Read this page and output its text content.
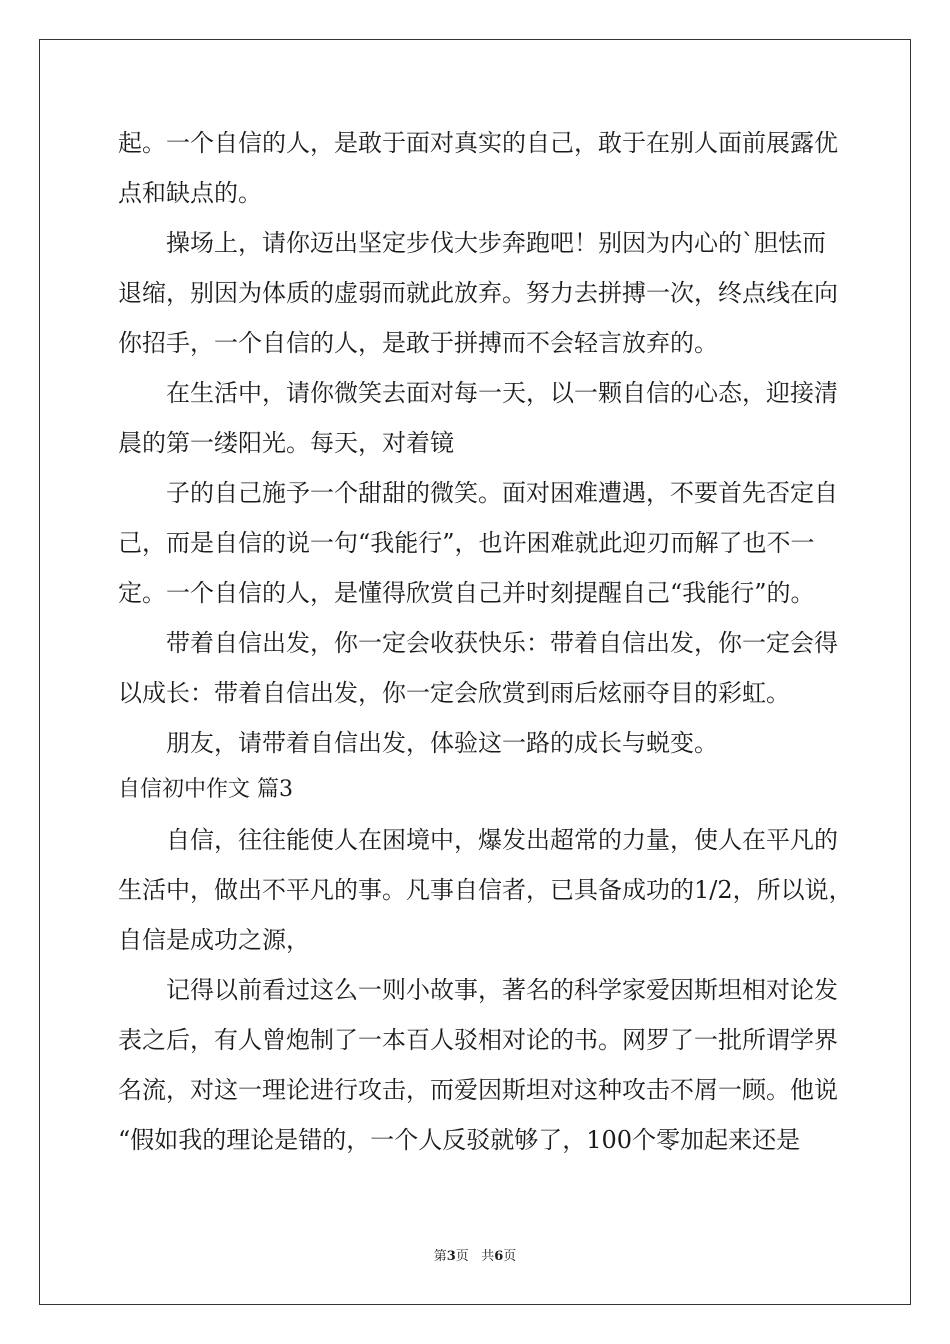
起。一个自信的人，是敢于面对真实的自己，敢于在别人面前展露优
点和缺点的。
操场上，请你迈出坚定步伐大步奔跑吧！别因为内心的`胆怯而
退缩，别因为体质的虚弱而就此放弃。努力去拼搏一次，终点线在向
你招手，一个自信的人，是敢于拼搏而不会轻言放弃的。
在生活中，请你微笑去面对每一天，以一颗自信的心态，迎接清
晨的第一缕阳光。每天，对着镜
子的自己施予一个甜甜的微笑。面对困难遭遇，不要首先否定自
己，而是自信的说一句“我能行”，也许困难就此迎刃而解了也不一
定。一个自信的人，是懂得欣赏自己并时刻提醒自己“我能行”的。
带着自信出发，你一定会收获快乐：带着自信出发，你一定会得
以成长：带着自信出发，你一定会欣赏到雨后炫丽夺目的彩虹。
朋友，请带着自信出发，体验这一路的成长与蜕变。
自信初中作文 篇3
自信，往往能使人在困境中，爆发出超常的力量，使人在平凡的
生活中，做出不平凡的事。凡事自信者，已具备成功的1/2，所以说，
自信是成功之源，
记得以前看过这么一则小故事，著名的科学家爱因斯坦相对论发
表之后，有人曾炮制了一本百人驳相对论的书。网罗了一批所谓学界
名流，对这一理论进行攻击，而爱因斯坦对这种攻击不屑一顾。他说
“假如我的理论是错的，一个人反驳就够了，100个零加起来还是
第3页 共6页
